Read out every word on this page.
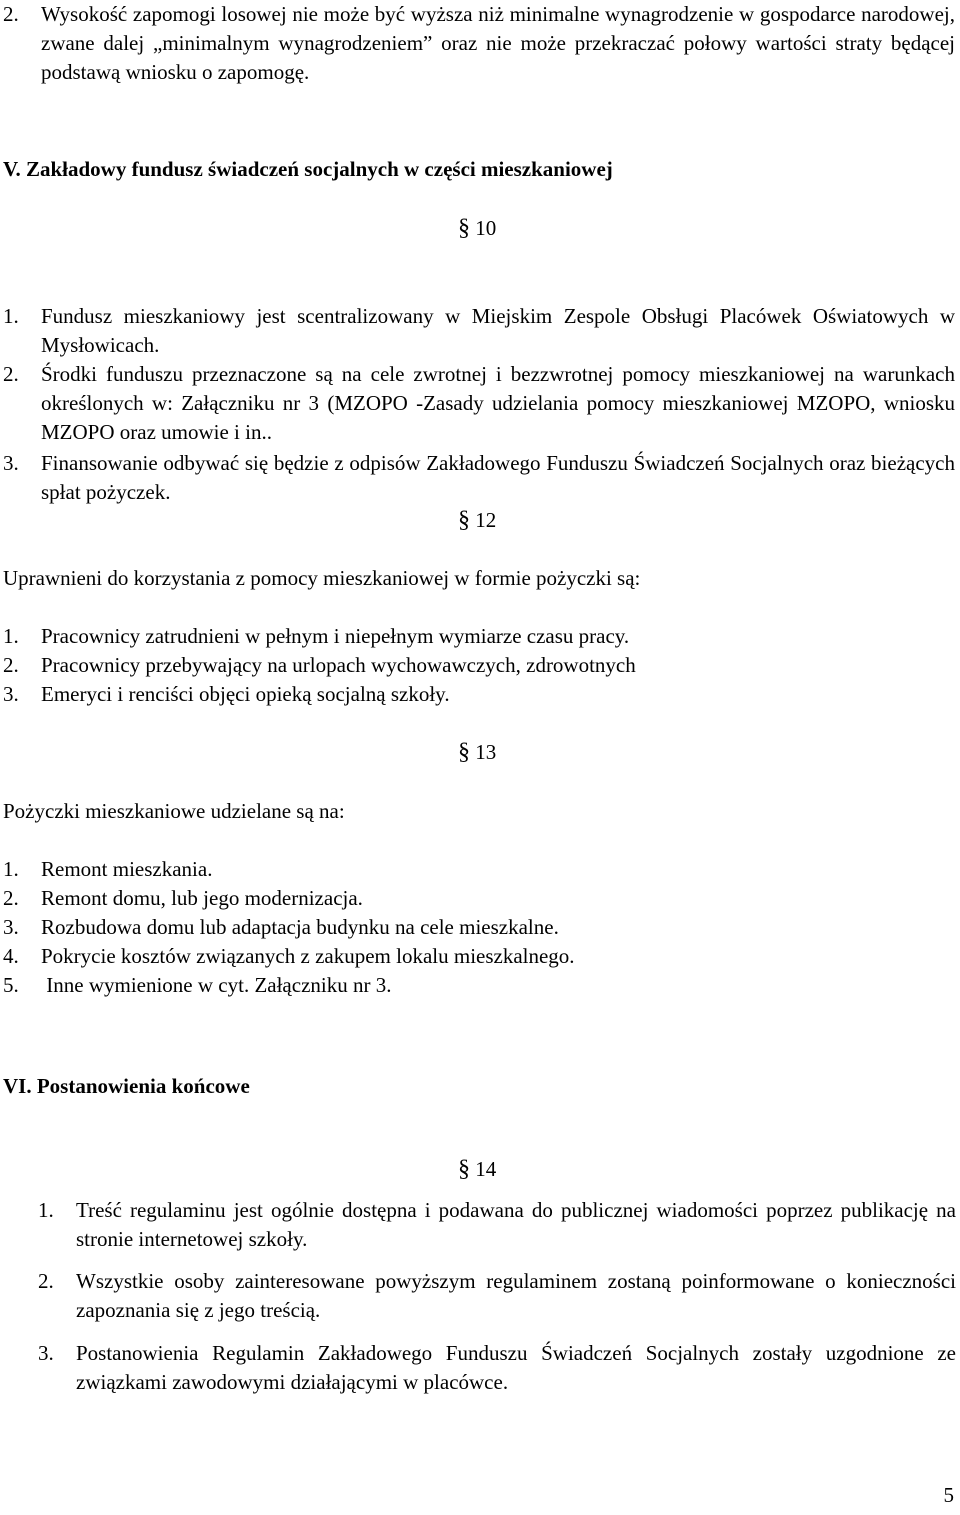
2.	Wysokość zapomogi losowej nie może być wyższa niż minimalne wynagrodzenie w gospodarce narodowej, zwane dalej „minimalnym wynagrodzeniem” oraz nie może przekraczać połowy wartości straty będącej podstawą wniosku o zapomogę.
V. Zakładowy fundusz świadczeń socjalnych w części mieszkaniowej
§ 10
1.	Fundusz mieszkaniowy jest scentralizowany w Miejskim Zespole Obsługi Placówek Oświatowych w Mysłowicach.
2.	Środki funduszu przeznaczone są na cele zwrotnej i bezzwrotnej pomocy mieszkaniowej na warunkach określonych w: Załączniku nr 3 (MZOPO -Zasady udzielania pomocy mieszkaniowej MZOPO, wniosku MZOPO oraz umowie i in..
3.	Finansowanie odbywać się będzie z odpisów Zakładowego Funduszu Świadczeń Socjalnych oraz bieżących spłat pożyczek.
§ 12
Uprawnieni do korzystania z pomocy mieszkaniowej w formie pożyczki są:
1.	Pracownicy zatrudnieni w pełnym i niepełnym wymiarze czasu pracy.
2.	Pracownicy przebywający na urlopach wychowawczych, zdrowotnych
3.	Emeryci i renciści objęci opieką socjalną szkoły.
§ 13
Pożyczki mieszkaniowe udzielane są na:
1.	Remont mieszkania.
2.	Remont domu, lub jego modernizacja.
3.	Rozbudowa domu lub adaptacja budynku na cele mieszkalne.
4.	Pokrycie kosztów związanych z zakupem lokalu mieszkalnego.
5.	Inne wymienione w cyt. Załączniku nr 3.
VI. Postanowienia końcowe
§ 14
1.	Treść regulaminu jest ogólnie dostępna i podawana do publicznej wiadomości poprzez publikację na stronie internetowej szkoły.
2.	Wszystkie osoby zainteresowane powyższym regulaminem zostaną poinformowane o konieczności zapoznania się z jego treścią.
3.	Postanowienia Regulamin Zakładowego Funduszu Świadczeń Socjalnych zostały uzgodnione ze związkami zawodowymi działającymi w placówce.
5
